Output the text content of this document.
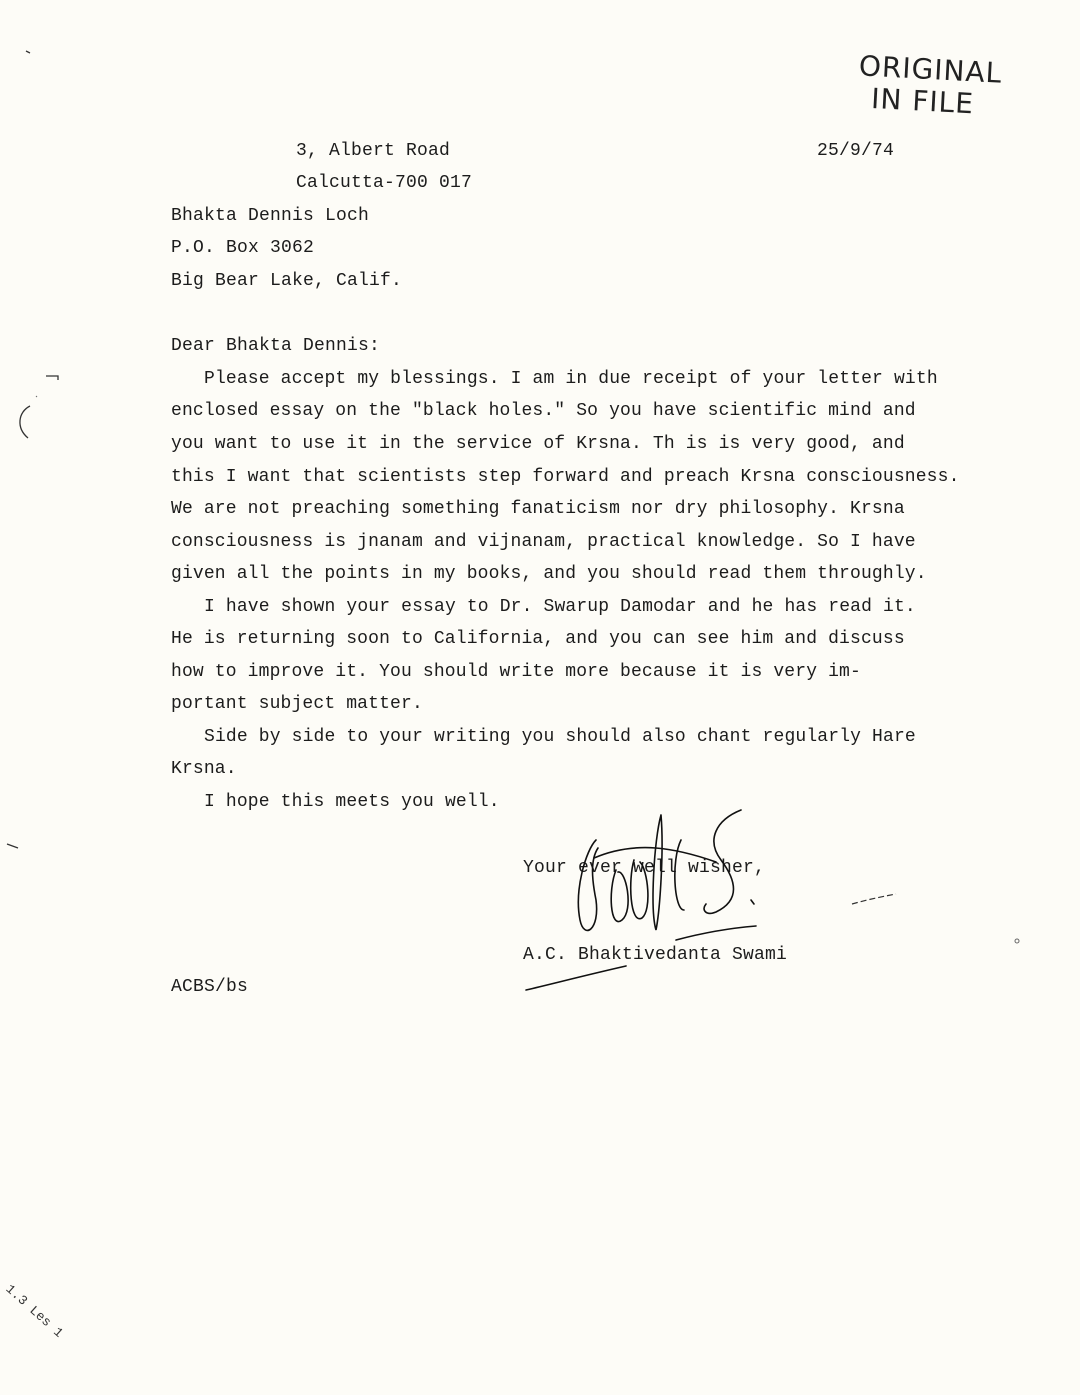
ORIGINAL
IN FILE
3, Albert Road
Calcutta-700 017
25/9/74
Bhakta Dennis Loch
P.O. Box 3062
Big Bear Lake, Calif.
Dear Bhakta Dennis:
Please accept my blessings. I am in due receipt of your letter with
enclosed essay on the "black holes." So you have scientific mind and
you want to use it in the service of Krsna. Th is is very good, and
this I want that scientists step forward and preach Krsna consciousness.
We are not preaching something fanaticism nor dry philosophy. Krsna
consciousness is jnanam and vijnanam, practical knowledge. So I have
given all the points in my books, and you should read them throughly.
I have shown your essay to Dr. Swarup Damodar and he has read it.
He is returning soon to California, and you can see him and discuss
how to improve it. You should write more because it is very im-
portant subject matter.
Side by side to your writing you should also chant regularly Hare
Krsna.
I hope this meets you well.
Your ever well wisher,
A.C. Bhaktivedanta Swami
ACBS/bs
1.3 Les 1
